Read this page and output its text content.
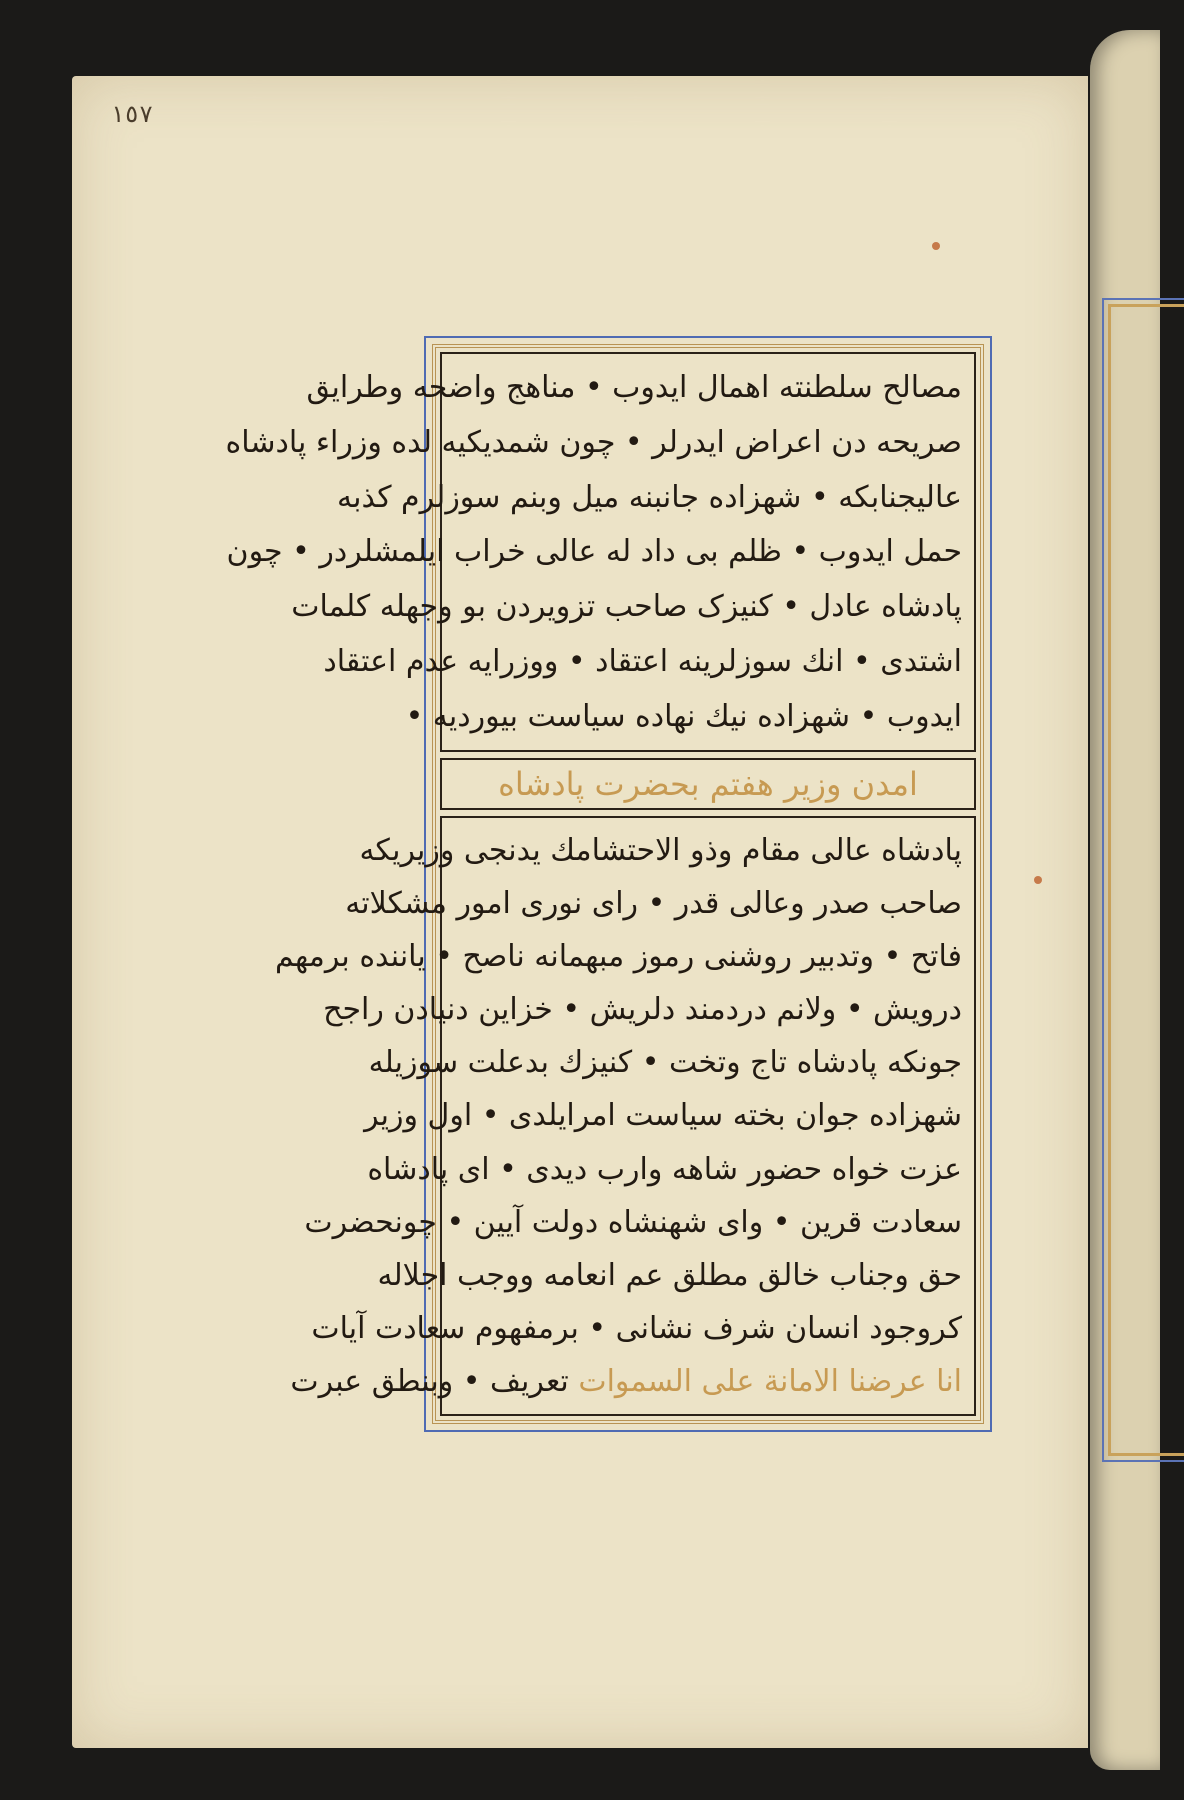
١٥٧
مصالح سلطنته اهمال ایدوب • مناهج واضحه وطرایق
صریحه دن اعراض ایدرلر • چون شمدیکیه لده وزراء پادشاه
عالیجنابکه • شهزاده جانبنه میل وبنم سوزلرم کذبه
حمل ایدوب • ظلم بی داد له عالی خراب ایلمشلردر • چون
پادشاه عادل • کنیزک صاحب تزویردن بو وجهله کلمات
اشتدی • انك سوزلرینه اعتقاد • ووزرایه عدم اعتقاد
ایدوب • شهزاده نیك نهاده سیاست بیوردیه •
امدن وزیر هفتم بحضرت پادشاه
پادشاه عالی مقام وذو الاحتشامك یدنجی وزیریکه
صاحب صدر وعالی قدر • رای نوری امور مشکلاته
فاتح • وتدبیر روشنی رموز مبهمانه ناصح • یاننده برمهم
درویش • ولانم دردمند دلریش • خزاین دنیادن راجح
جونکه پادشاه تاج وتخت • کنیزك بدعلت سوزیله
شهزاده جوان بخته سیاست امرایلدی • اول وزیر
عزت خواه حضور شاهه وارب دیدی • ای پادشاه
سعادت قرین • وای شهنشاه دولت آیین • چونحضرت
حق وجناب خالق مطلق عم انعامه ووجب اجلاله
کروجود انسان شرف نشانی • برمفهوم سعادت آیات
انا عرضنا الامانة علی السموات تعریف • وبنطق عبرت
